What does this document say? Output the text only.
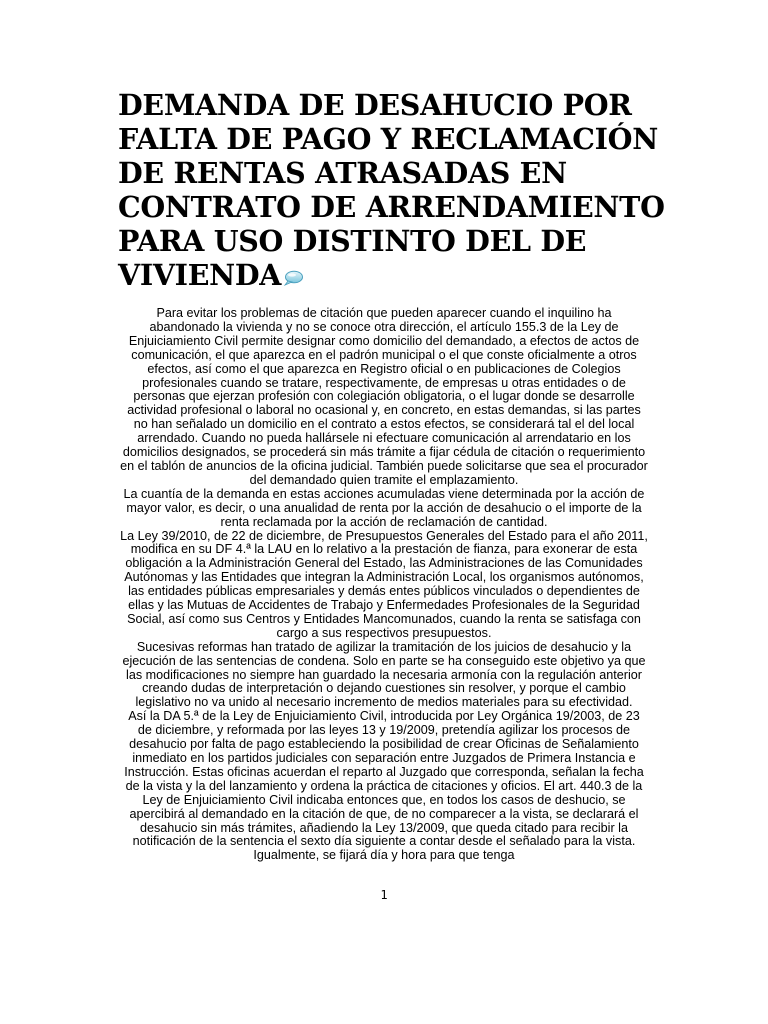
DEMANDA DE DESAHUCIO POR
FALTA DE PAGO Y RECLAMACIÓN
DE RENTAS ATRASADAS EN
CONTRATO DE ARRENDAMIENTO
PARA USO DISTINTO DEL DE
VIVIENDA

Para evitar los problemas de citación que pueden aparecer cuando el inquilino ha abandonado la vivienda y no se conoce otra dirección, el artículo 155.3 de la Ley de Enjuiciamiento Civil permite designar como domicilio del demandado, a efectos de actos de comunicación, el que aparezca en el padrón municipal o el que conste oficialmente a otros efectos, así como el que aparezca en Registro oficial o en publicaciones de Colegios profesionales cuando se tratare, respectivamente, de empresas u otras entidades o de personas que ejerzan profesión con colegiación obligatoria, o el lugar donde se desarrolle actividad profesional o laboral no ocasional y, en concreto, en estas demandas, si las partes no han señalado un domicilio en el contrato a estos efectos, se considerará tal el del local arrendado. Cuando no pueda hallársele ni efectuare comunicación al arrendatario en los domicilios designados, se procederá sin más trámite a fijar cédula de citación o requerimiento en el tablón de anuncios de la oficina judicial. También puede solicitarse que sea el procurador del demandado quien tramite el emplazamiento.

La cuantía de la demanda en estas acciones acumuladas viene determinada por la acción de mayor valor, es decir, o una anualidad de renta por la acción de desahucio o el importe de la renta reclamada por la acción de reclamación de cantidad.

La Ley 39/2010, de 22 de diciembre, de Presupuestos Generales del Estado para el año 2011, modifica en su DF 4.ª la LAU en lo relativo a la prestación de fianza, para exonerar de esta obligación a la Administración General del Estado, las Administraciones de las Comunidades Autónomas y las Entidades que integran la Administración Local, los organismos autónomos, las entidades públicas empresariales y demás entes públicos vinculados o dependientes de ellas y las Mutuas de Accidentes de Trabajo y Enfermedades Profesionales de la Seguridad Social, así como sus Centros y Entidades Mancomunados, cuando la renta se satisfaga con cargo a sus respectivos presupuestos.

Sucesivas reformas han tratado de agilizar la tramitación de los juicios de desahucio y la ejecución de las sentencias de condena. Solo en parte se ha conseguido este objetivo ya que las modificaciones no siempre han guardado la necesaria armonía con la regulación anterior creando dudas de interpretación o dejando cuestiones sin resolver, y porque el cambio legislativo no va unido al necesario incremento de medios materiales para su efectividad.

Así la DA 5.ª de la Ley de Enjuiciamiento Civil, introducida por Ley Orgánica 19/2003, de 23 de diciembre, y reformada por las leyes 13 y 19/2009, pretendía agilizar los procesos de desahucio por falta de pago estableciendo la posibilidad de crear Oficinas de Señalamiento inmediato en los partidos judiciales con separación entre Juzgados de Primera Instancia e Instrucción. Estas oficinas acuerdan el reparto al Juzgado que corresponda, señalan la fecha de la vista y la del lanzamiento y ordena la práctica de citaciones y oficios. El art. 440.3 de la Ley de Enjuiciamiento Civil indicaba entonces que, en todos los casos de deshucio, se apercibirá al demandado en la citación de que, de no comparecer a la vista, se declarará el desahucio sin más trámites, añadiendo la Ley 13/2009, que queda citado para recibir la notificación de la sentencia el sexto día siguiente a contar desde el señalado para la vista. Igualmente, se fijará día y hora para que tenga

1
